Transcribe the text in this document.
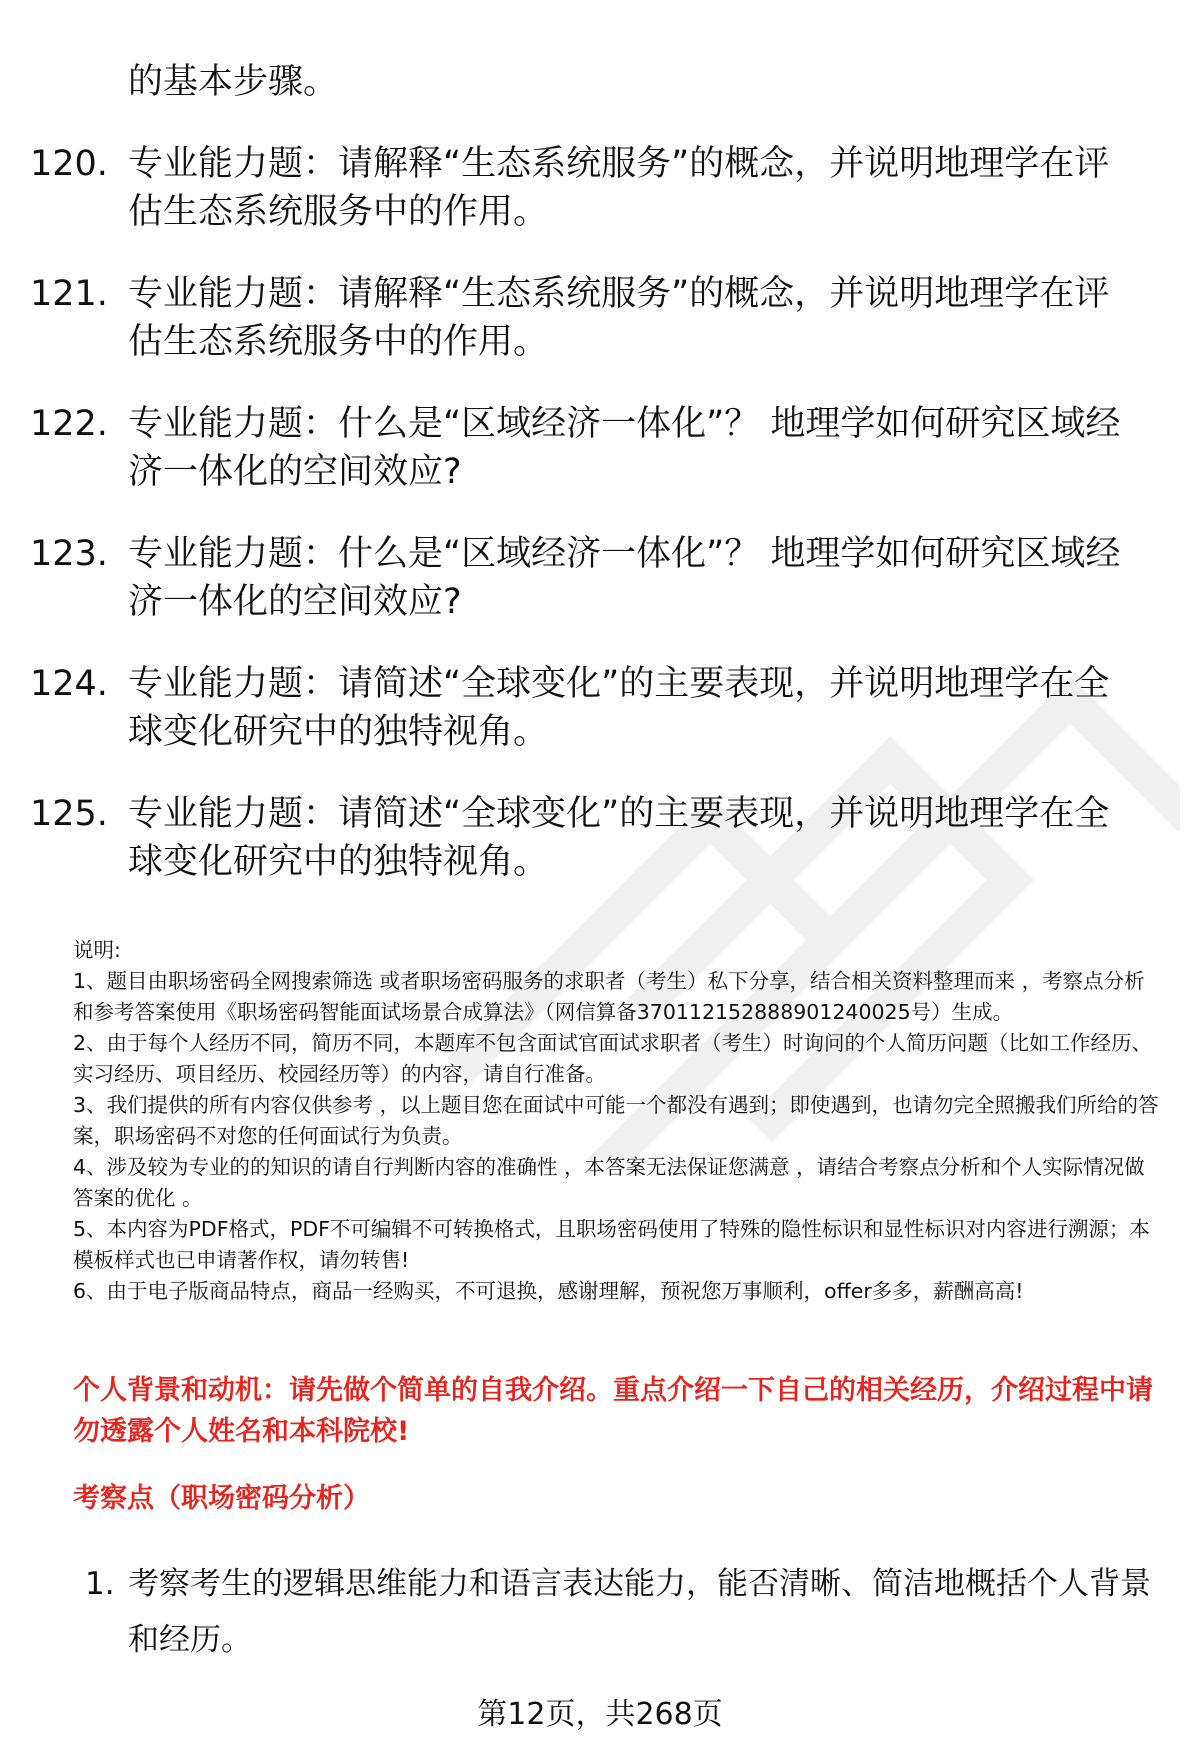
的基本步骤。
120. 专业能力题：请解释“生态系统服务”的概念，并说明地理学在评估生态系统服务中的作用。
121. 专业能力题：请解释“生态系统服务”的概念，并说明地理学在评估生态系统服务中的作用。
122. 专业能力题：什么是“区域经济一体化”？ 地理学如何研究区域经济一体化的空间效应?
123. 专业能力题：什么是“区域经济一体化”？ 地理学如何研究区域经济一体化的空间效应?
124. 专业能力题：请简述“全球变化”的主要表现，并说明地理学在全球变化研究中的独特视角。
125. 专业能力题：请简述“全球变化”的主要表现，并说明地理学在全球变化研究中的独特视角。

说明:

1、题目由职场密码全网搜索筛选 或者职场密码服务的求职者（考生）私下分享，结合相关资料整理而来 ，考察点分析和参考答案使用《职场密码智能面试场景合成算法》（网信算备370112152888901240025号）生成。

2、由于每个人经历不同，简历不同，本题库不包含面试官面试求职者（考生）时询问的个人简历问题（比如工作经历、实习经历、项目经历、校园经历等）的内容，请自行准备。

3、我们提供的所有内容仅供参考 ，以上题目您在面试中可能一个都没有遇到；即使遇到，也请勿完全照搬我们所给的答案，职场密码不对您的任何面试行为负责。

4、涉及较为专业的的知识的请自行判断内容的准确性 ，本答案无法保证您满意 ，请结合考察点分析和个人实际情况做答案的优化 。

5、本内容为PDF格式，PDF不可编辑不可转换格式，且职场密码使用了特殊的隐性标识和显性标识对内容进行溯源；本模板样式也已申请著作权，请勿转售!

6、由于电子版商品特点，商品一经购买，不可退换，感谢理解，预祝您万事顺利，offer多多，薪酬高高!

个人背景和动机：请先做个简单的自我介绍。重点介绍一下自己的相关经历，介绍过程中请勿透露个人姓名和本科院校!
考察点（职场密码分析）
1. 考察考生的逻辑思维能力和语言表达能力，能否清晰、简洁地概括个人背景和经历。
第12页，共268页
